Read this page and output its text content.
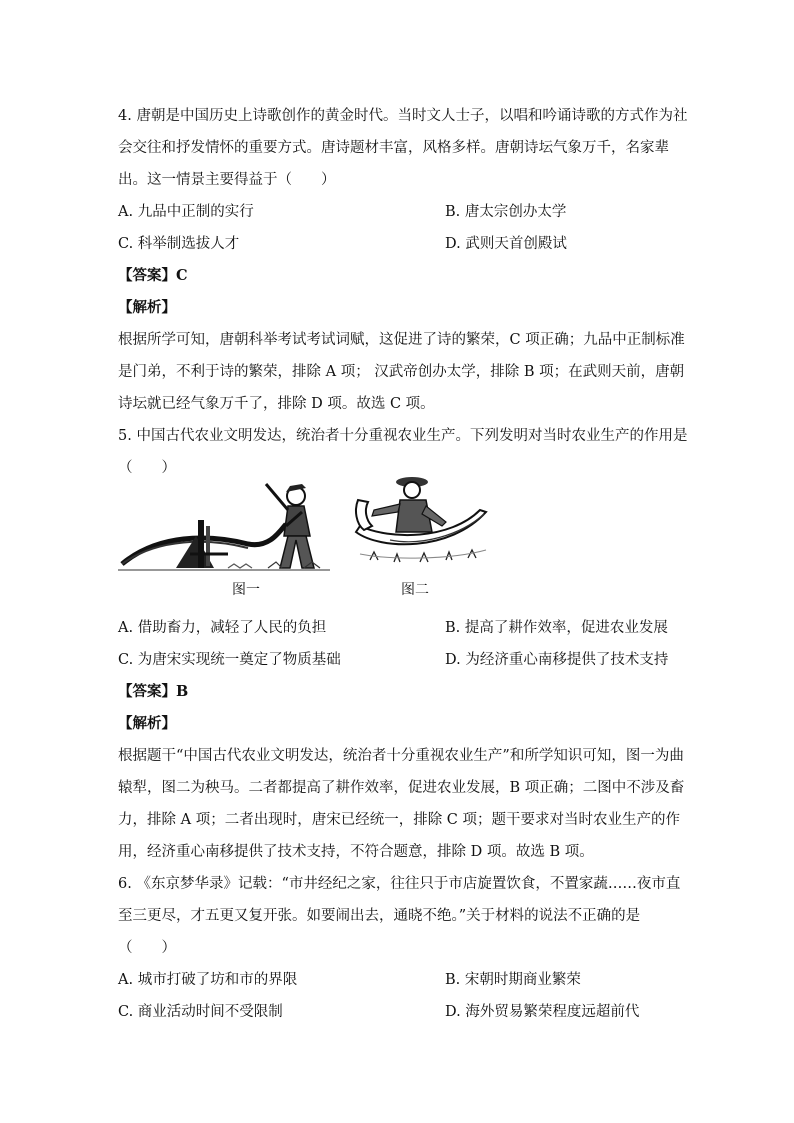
4. 唐朝是中国历史上诗歌创作的黄金时代。当时文人士子，以唱和吟诵诗歌的方式作为社
会交往和抒发情怀的重要方式。唐诗题材丰富，风格多样。唐朝诗坛气象万千，名家辈
出。这一情景主要得益于（　　）
A. 九品中正制的实行	B. 唐太宗创办太学
C. 科举制选拔人才	D. 武则天首创殿试
【答案】C
【解析】
根据所学可知，唐朝科举考试考试词赋，这促进了诗的繁荣，C 项正确；九品中正制标准
是门弟，不利于诗的繁荣，排除 A 项； 汉武帝创办太学，排除 B 项；在武则天前，唐朝
诗坛就已经气象万千了，排除 D 项。故选 C 项。
5. 中国古代农业文明发达，统治者十分重视农业生产。下列发明对当时农业生产的作用是
（　　）
图一	图二
A. 借助畜力，减轻了人民的负担	B. 提高了耕作效率，促进农业发展
C. 为唐宋实现统一奠定了物质基础	D. 为经济重心南移提供了技术支持
【答案】B
【解析】
根据题干“中国古代农业文明发达，统治者十分重视农业生产”和所学知识可知，图一为曲
辕犁，图二为秧马。二者都提高了耕作效率，促进农业发展，B 项正确；二图中不涉及畜
力，排除 A 项；二者出现时，唐宋已经统一，排除 C 项；题干要求对当时农业生产的作
用，经济重心南移提供了技术支持，不符合题意，排除 D 项。故选 B 项。
6. 《东京梦华录》记载：“市井经纪之家，往往只于市店旋置饮食，不置家蔬……夜市直
至三更尽，才五更又复开张。如要闹出去，通晓不绝。”关于材料的说法不正确的是
（　　）
A. 城市打破了坊和市的界限	B. 宋朝时期商业繁荣
C. 商业活动时间不受限制	D. 海外贸易繁荣程度远超前代
